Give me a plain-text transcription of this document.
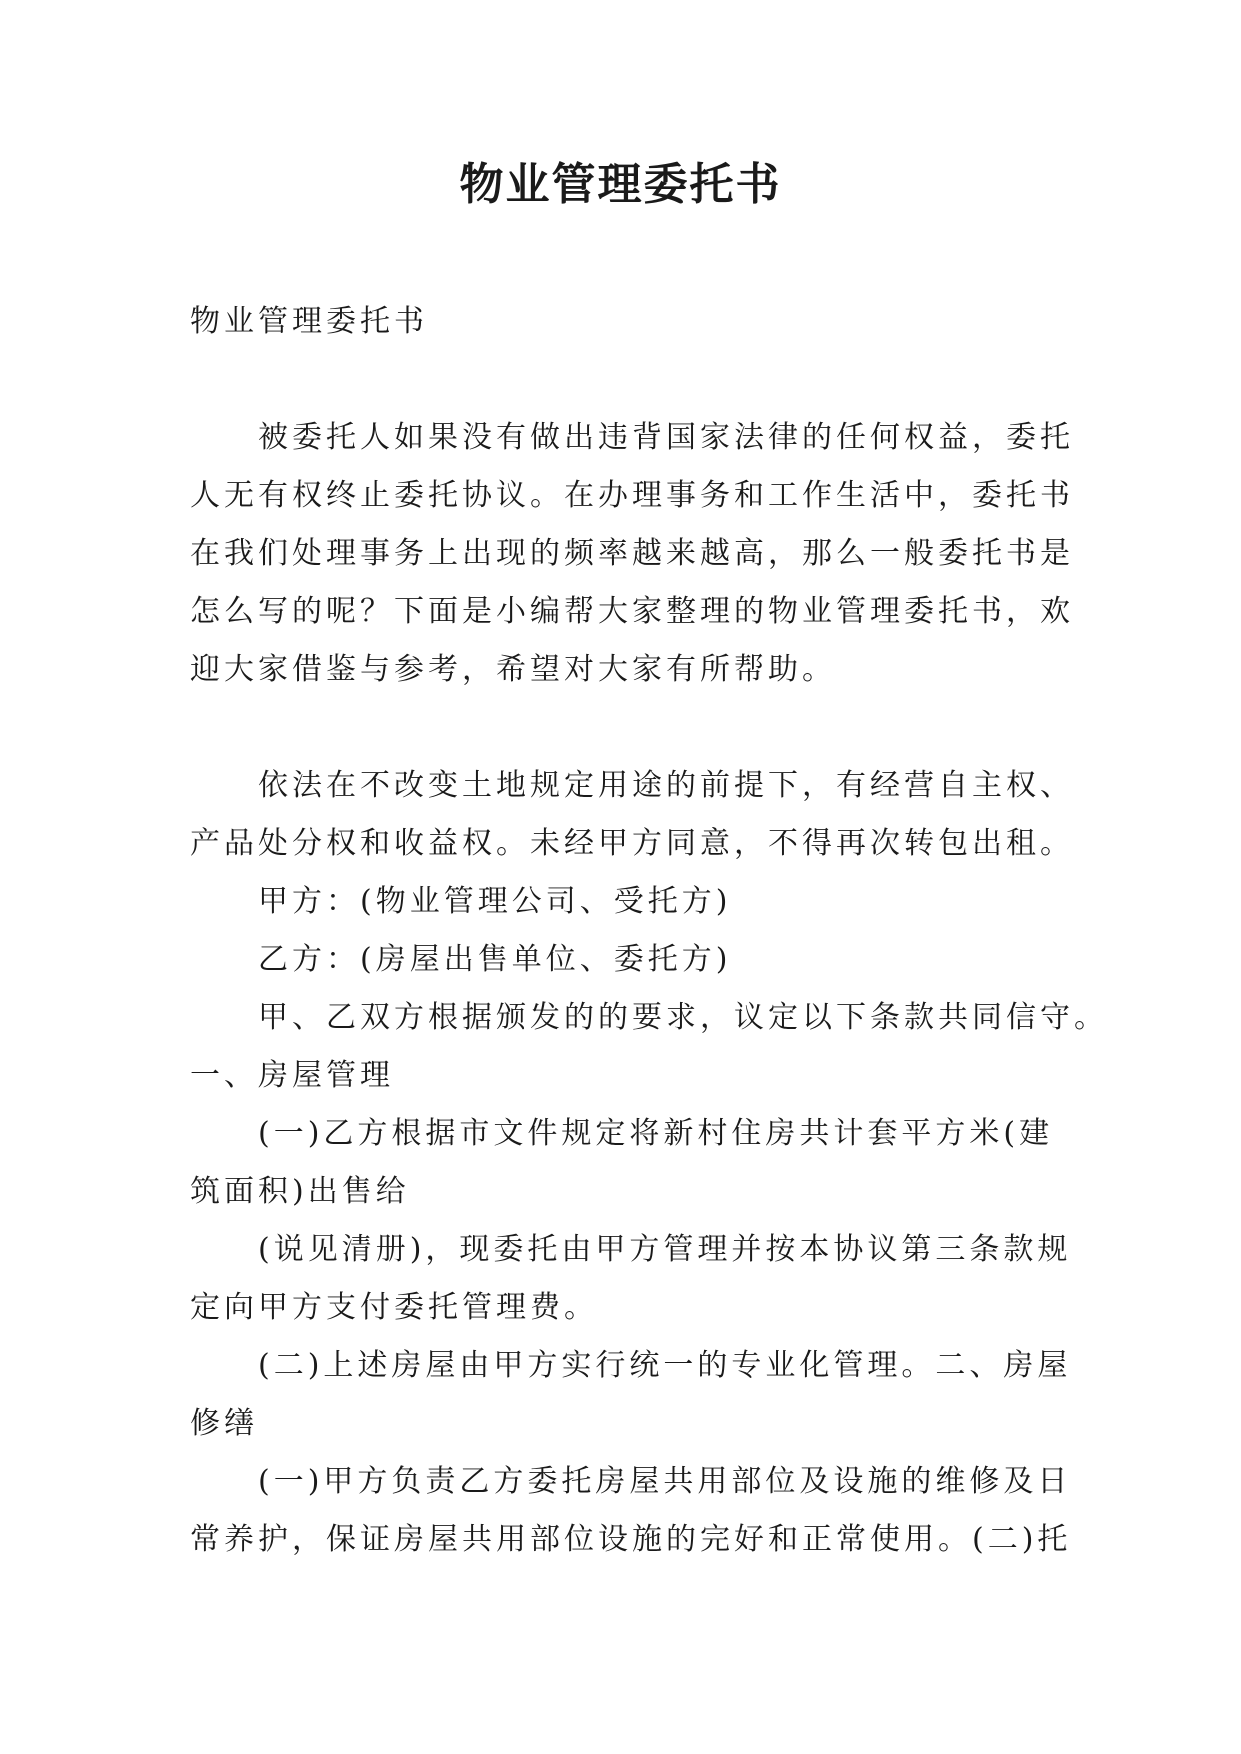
物业管理委托书
物业管理委托书
被委托人如果没有做出违背国家法律的任何权益，委托
人无有权终止委托协议。在办理事务和工作生活中，委托书
在我们处理事务上出现的频率越来越高，那么一般委托书是
怎么写的呢？下面是小编帮大家整理的物业管理委托书，欢
迎大家借鉴与参考，希望对大家有所帮助。
依法在不改变土地规定用途的前提下，有经营自主权、
产品处分权和收益权。未经甲方同意，不得再次转包出租。
甲方：(物业管理公司、受托方)
乙方：(房屋出售单位、委托方)
甲、乙双方根据颁发的的要求，议定以下条款共同信守。
一、房屋管理
(一)乙方根据市文件规定将新村住房共计套平方米(建
筑面积)出售给
(说见清册)，现委托由甲方管理并按本协议第三条款规
定向甲方支付委托管理费。
(二)上述房屋由甲方实行统一的专业化管理。二、房屋
修缮
(一)甲方负责乙方委托房屋共用部位及设施的维修及日
常养护，保证房屋共用部位设施的完好和正常使用。(二)托
